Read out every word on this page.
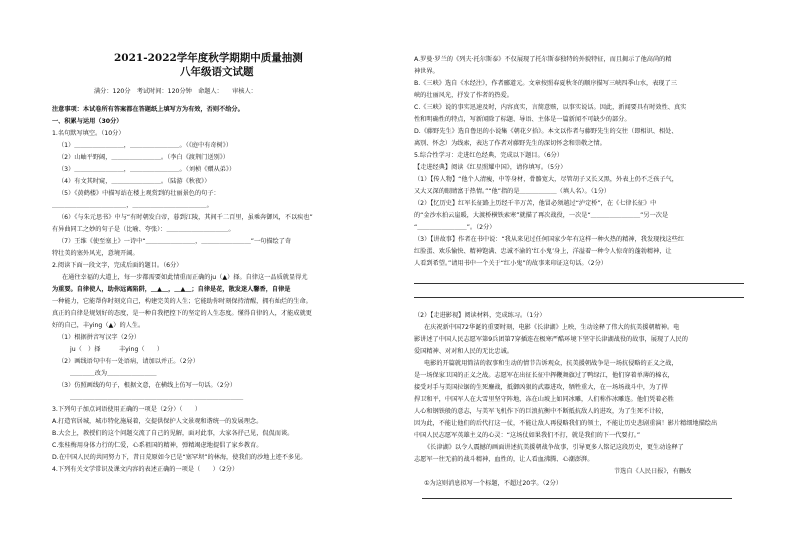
2021-2022学年度秋学期期中质量抽测
八年级语文试题
满分：120分　考试时间：120分钟　命题人：　　审核人：
注意事项：本试卷所有答案都在答题纸上填写方为有效，否则不给分。
一、积累与运用（30分）
1.名句默写填空。（10分）
（1）＿＿＿＿＿＿＿＿，＿＿＿＿＿＿＿＿。（《庭中有奇树》）
（2）山岫平野阔，＿＿＿＿＿＿＿＿。（李白《渡荆门送别》）
（3）＿＿＿＿＿＿＿＿，＿＿＿＿＿＿＿＿。（刘桢《赠从弟》）
（4）有文其时窥，＿＿＿＿＿＿＿＿。（陆游《秋夜》）
（5）《黄鹤楼》中描写站在楼上观赏到的壮丽景色的句子：
＿＿＿＿＿＿＿＿＿＿＿＿，＿＿＿＿＿＿＿＿＿＿＿＿。
（6）《与朱元思书》中与“有时朝发白帝，暮到江陵，其间千二百里，虽乘奔御风，不以疾也”
有异曲同工之妙的句子是（比喻、夸张）：＿＿＿＿＿＿＿＿＿＿。
（7）王维《使至塞上》一诗中“＿＿＿＿＿＿＿＿，＿＿＿＿＿＿＿＿”一句描绘了奇
特壮美的塞外风光，意境开阔。
2.阅读下面一段文字，完成后面的题目。（6分）
在通往幸福的大道上，每一步都需要如此情重而正确的ju（▲）择。自律这一品质就显得尤
为重要。自律使人，助你远离陷阱，＿▲＿，＿▲＿；自律是花，散发迷人馨香，自律是
一种能力，它能帮你时刻克自己，构建完美的人生；它能助你时刻保持清醒，拥有灿烂的生命。
真正的自律是规划好的态度，是一种自我把控下的坚定的人生态度。懂得自律的人，才能成就更
好的自己，丰ying（▲）的人生。
（1）根据拼音写汉字（2分）
ju（　）择　　　丰ying（　　）
（2）画线语句中有一处语病，请加以并正。（2分）
＿＿＿＿改为＿＿＿＿＿＿＿＿
（3）仿照画线的句子，根据文意，在横线上仿写一句话。（2分）
＿＿＿＿＿＿＿＿＿＿＿＿＿＿＿＿＿＿＿＿＿＿＿＿＿＿＿＿
3.下列句子加点词语使用正确的一项是（2分）（　　）
A.打造官居城，城市特化施展着，交提供保护人文景观和谐统一的发展理念。
B.大会上，教授们的这个问题交流了自己的见解，面对此事，大家各抒己见，侃侃而谈。
C.张桂梅用身体力行的仁爱，心系祖国的精神，弹精竭虑地提倡了家乡教育。
D.在中国人民的共同努力下，昔日荒原如今已是“塞罕坝”的林海，使我们的沙地上迹不多见。
4.下列有关文学常识及课文内容的表述正确的一项是（　　）（2分）
A.罗曼·罗兰的《列夫·托尔斯泰》不仅展现了托尔斯泰独特的外貌特征，而且揭示了他高尚的精
神世界。
B.《三峡》选自《水经注》，作者郦道元。文章按照春夏秋冬的顺序描写三峡四季山水，表现了三
峡的壮丽风光，抒发了作者的热爱。
C.《三峡》说的事实迅速及时，内容真实，言简意赅，以事实说话。因此，新闻要具有时效性、真实
性和明确性的特点，写新闻除了标题、导语、主体是一篇新闻不可缺少的部分。
D.《藤野先生》选自鲁迅的小说集《朝花夕拾》。本文以作者与藤野先生的交往（即相识、相处、
离别、怀念）为线索，表达了作者对藤野先生的深切怀念和崇敬之情。
5.综合性学习：走进红色经典，完成以下题目。（6分）
【走进经典】阅读《红星照耀中国》，请你填写。（5分）
（1）【传人物】“他个人清瘦，中等身材，骨骼宽大，尽管胡子又长又黑，外表上仍不乏孩子气，
又大又深的眼睛富于热情。”“他”指的是＿＿＿＿＿＿（填人名）。（1分）
（2）【忆历史】红军长征路上历经千辛万苦，他冒必须越过“泸定桥”，在《七律长征》中
的“金沙水拍云崖暖，大渡桥横铁索寒”就描了再次战役，一次是“＿＿＿＿＿＿＿＿”另一次是
“＿＿＿＿＿＿＿＿”。（2分）
（3）【讲故事】作者在书中说：“我从来见过任何国家少年有这样一种火热的精神，我发现找这些红
红脸蛋、欢乐愉快、精神饱满、忠诚不渝的‘红小鬼’身上，洋溢着一种令人惊奇的蓬勃精神，让
人看到希望。”请用书中一个关于“红小鬼”的故事来印证这句话。（2分）
（2）【走进影视】阅读材料，完成练习。（1分）
在庆祝新中国72华诞的重要时刻，电影《长津湖》上映，生动诠释了伟大的抗美援朝精神。电
影讲述了中国人民志愿军第9兵团第7穿插连在极寒严酷环境下坚守长津湖战役的故事，展现了人民的
爱国精神、对对和人民的无比忠诚。
电影的开篇就用简洁的叙事和生动的情节告诉观众，抗美援朝战争是一场抗侵略的正义之战，
是一场保家卫国的正义之战。志愿军在出征长征中挥鞭舞旗过了鸭绿江，他们穿着单薄的棉衣，
接受对手与美国拉锯的生死鏖战，抵御凶狠的武器进攻，牺牲重大，在一场场战斗中，为了捍
捍卫和平，中国军人在大雪里坚守阵地，冻在山坡上如同冰雕，人们称作冰雕连。他们凭着必胜
人心和钢铁般的意志，与美军飞机作下的巨浪抗衡中不断抵抗敌人的进攻，为了生死不计较，
因为此，不能让他们的后代打这一仗，不能让敌人再侵略我们的领土，不能让历史悲剧重演！影片精细地描绘出
中国人民志愿军英雄主义的心灵：“这场仗如果我们不打，就是我们的下一代要打。”
《长津湖》以令人震撼的画面讲述抗美援朝战争故事，引导更多人铭记这段历史，更生动诠释了
志愿军一往无前的战斗精神，血性的，让人看血沸腾、心潮澎湃。
节选自《人民日报》，有删改
①为这则消息拟写一个标题，不超过20字。（2分）
